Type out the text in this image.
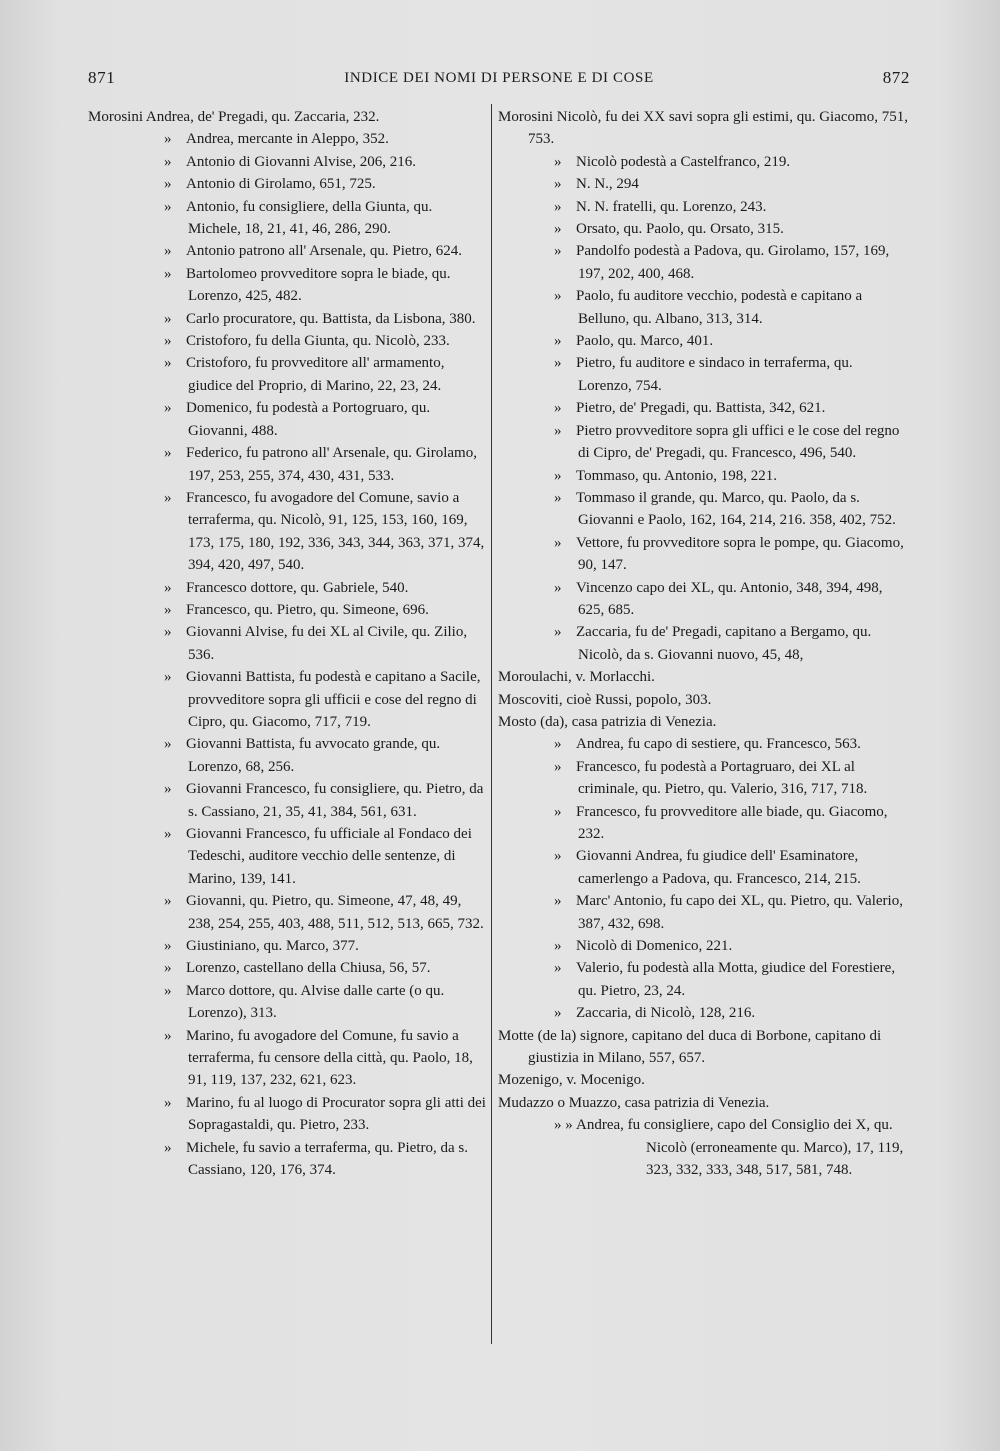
871	INDICE DEI NOMI DI PERSONE E DI COSE	872

Morosini Andrea, de' Pregadi, qu. Zaccaria, 232.

» Andrea, mercante in Aleppo, 352.

» Antonio di Giovanni Alvise, 206, 216.

» Antonio di Girolamo, 651, 725.

» Antonio, fu consigliere, della Giunta, qu. Michele, 18, 21, 41, 46, 286, 290.

» Antonio patrono all' Arsenale, qu. Pietro, 624.

» Bartolomeo provveditore sopra le biade, qu. Lorenzo, 425, 482.

» Carlo procuratore, qu. Battista, da Lisbona, 380.

» Cristoforo, fu della Giunta, qu. Nicolò, 233.

» Cristoforo, fu provveditore all' armamento, giudice del Proprio, di Marino, 22, 23, 24.

» Domenico, fu podestà a Portogruaro, qu. Giovanni, 488.

» Federico, fu patrono all' Arsenale, qu. Girolamo, 197, 253, 255, 374, 430, 431, 533.

» Francesco, fu avogadore del Comune, savio a terraferma, qu. Nicolò, 91, 125, 153, 160, 169, 173, 175, 180, 192, 336, 343, 344, 363, 371, 374, 394, 420, 497, 540.

» Francesco dottore, qu. Gabriele, 540.

» Francesco, qu. Pietro, qu. Simeone, 696.

» Giovanni Alvise, fu dei XL al Civile, qu. Zilio, 536.

» Giovanni Battista, fu podestà e capitano a Sacile, provveditore sopra gli ufficii e cose del regno di Cipro, qu. Giacomo, 717, 719.

» Giovanni Battista, fu avvocato grande, qu. Lorenzo, 68, 256.

» Giovanni Francesco, fu consigliere, qu. Pietro, da s. Cassiano, 21, 35, 41, 384, 561, 631.

» Giovanni Francesco, fu ufficiale al Fondaco dei Tedeschi, auditore vecchio delle sentenze, di Marino, 139, 141.

» Giovanni, qu. Pietro, qu. Simeone, 47, 48, 49, 238, 254, 255, 403, 488, 511, 512, 513, 665, 732.

» Giustiniano, qu. Marco, 377.

» Lorenzo, castellano della Chiusa, 56, 57.

» Marco dottore, qu. Alvise dalle carte (o qu. Lorenzo), 313.

» Marino, fu avogadore del Comune, fu savio a terraferma, fu censore della città, qu. Paolo, 18, 91, 119, 137, 232, 621, 623.

» Marino, fu al luogo di Procurator sopra gli atti dei Sopragastaldi, qu. Pietro, 233.

» Michele, fu savio a terraferma, qu. Pietro, da s. Cassiano, 120, 176, 374.

Morosini Nicolò, fu dei XX savi sopra gli estimi, qu. Giacomo, 751, 753.

» Nicolò podestà a Castelfranco, 219.

» N. N., 294

» N. N. fratelli, qu. Lorenzo, 243.

» Orsato, qu. Paolo, qu. Orsato, 315.

» Pandolfo podestà a Padova, qu. Girolamo, 157, 169, 197, 202, 400, 468.

» Paolo, fu auditore vecchio, podestà e capitano a Belluno, qu. Albano, 313, 314.

» Paolo, qu. Marco, 401.

» Pietro, fu auditore e sindaco in terraferma, qu. Lorenzo, 754.

» Pietro, de' Pregadi, qu. Battista, 342, 621.

» Pietro provveditore sopra gli uffici e le cose del regno di Cipro, de' Pregadi, qu. Francesco, 496, 540.

» Tommaso, qu. Antonio, 198, 221.

» Tommaso il grande, qu. Marco, qu. Paolo, da s. Giovanni e Paolo, 162, 164, 214, 216. 358, 402, 752.

» Vettore, fu provveditore sopra le pompe, qu. Giacomo, 90, 147.

» Vincenzo capo dei XL, qu. Antonio, 348, 394, 498, 625, 685.

» Zaccaria, fu de' Pregadi, capitano a Bergamo, qu. Nicolò, da s. Giovanni nuovo, 45, 48,

Moroulachi, v. Morlacchi.

Moscoviti, cioè Russi, popolo, 303.

Mosto (da), casa patrizia di Venezia.

» Andrea, fu capo di sestiere, qu. Francesco, 563.

» Francesco, fu podestà a Portagruaro, dei XL al criminale, qu. Pietro, qu. Valerio, 316, 717, 718.

» Francesco, fu provveditore alle biade, qu. Giacomo, 232.

» Giovanni Andrea, fu giudice dell' Esaminatore, camerlengo a Padova, qu. Francesco, 214, 215.

» Marc' Antonio, fu capo dei XL, qu. Pietro, qu. Valerio, 387, 432, 698.

» Nicolò di Domenico, 221.

» Valerio, fu podestà alla Motta, giudice del Forestiere, qu. Pietro, 23, 24.

» Zaccaria, di Nicolò, 128, 216.

Motte (de la) signore, capitano del duca di Borbone, capitano di giustizia in Milano, 557, 657.

Mozenigo, v. Mocenigo.

Mudazzo o Muazzo, casa patrizia di Venezia.

» » Andrea, fu consigliere, capo del Consiglio dei X, qu. Nicolò (erroneamente qu. Marco), 17, 119, 323, 332, 333, 348, 517, 581, 748.
